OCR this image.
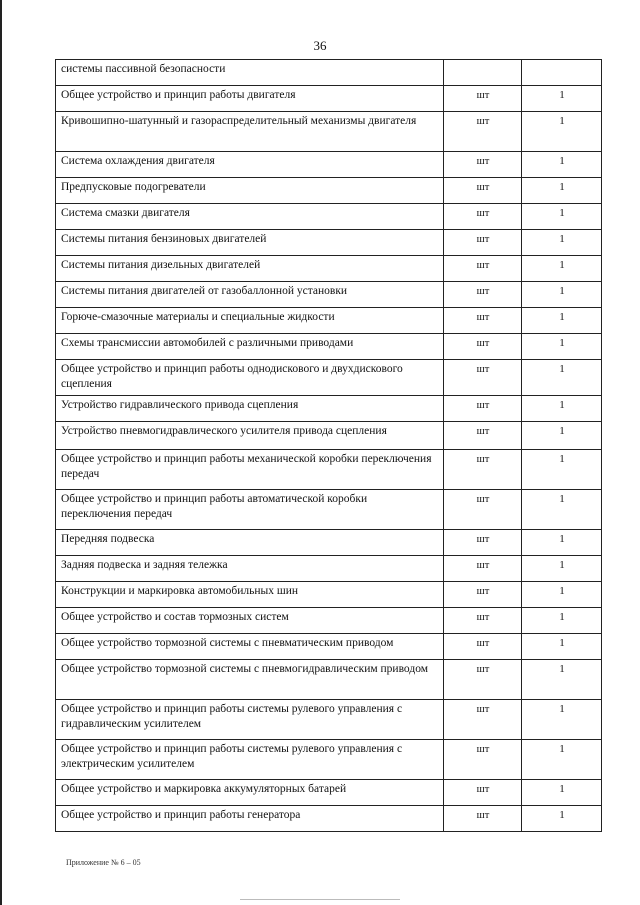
36
системы пассивной безопасности		
Общее устройство и принцип работы двигателя	шт	1
Кривошипно-шатунный и газораспределительный механизмы двигателя	шт	1
Система охлаждения двигателя	шт	1
Предпусковые подогреватели	шт	1
Система смазки двигателя	шт	1
Системы питания бензиновых двигателей	шт	1
Системы питания дизельных двигателей	шт	1
Системы питания двигателей от газобаллонной установки	шт	1
Горюче-смазочные материалы и специальные жидкости	шт	1
Схемы трансмиссии автомобилей с различными приводами	шт	1
Общее устройство и принцип работы однодискового и двухдискового сцепления	шт	1
Устройство гидравлического привода сцепления	шт	1
Устройство пневмогидравлического усилителя привода сцепления	шт	1
Общее устройство и принцип работы механической коробки переключения передач	шт	1
Общее устройство и принцип работы автоматической коробки переключения передач	шт	1
Передняя подвеска	шт	1
Задняя подвеска и задняя тележка	шт	1
Конструкции и маркировка автомобильных шин	шт	1
Общее устройство и состав тормозных систем	шт	1
Общее устройство тормозной системы с пневматическим приводом	шт	1
Общее устройство тормозной системы с пневмогидравлическим приводом	шт	1
Общее устройство и принцип работы системы рулевого управления с гидравлическим усилителем	шт	1
Общее устройство и принцип работы системы рулевого управления с электрическим усилителем	шт	1
Общее устройство и маркировка аккумуляторных батарей	шт	1
Общее устройство и принцип работы генератора	шт	1
Приложение № 6 – 05
